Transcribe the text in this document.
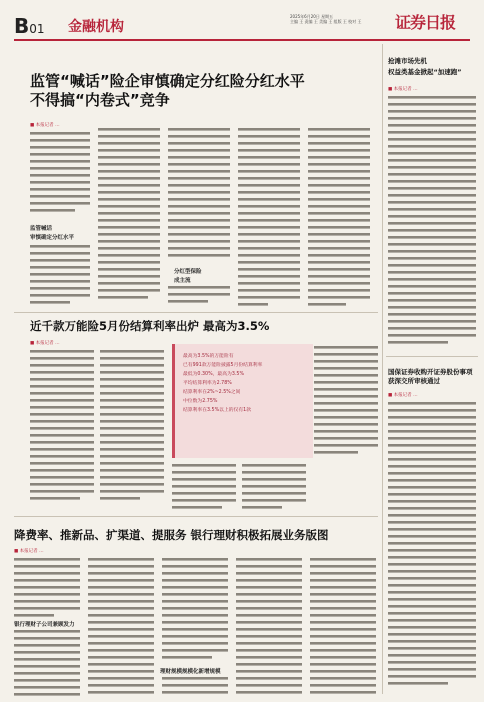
B01 金融机构
2025年6月20日 星期五
主编 王 责编 王 美编 王 组版 王 校对 王	证券日报
监管“喊话”险企审慎确定分红险分红水平
不得搞“内卷式”竞争
■ 本报记者 …
监管喊话
审慎确定分红水平
分红型保险
成主流
近千款万能险5月份结算利率出炉 最高为3.5%
■ 本报记者 …
最高为3.5%的万能险有
已有991款万能险披露5月份结算利率
最低为0.30%，最高为3.5%
平均结算利率为2.78%
结算利率在2%~2.5%之间
中位数为2.75%
结算利率在3.5%以上的仅有1款
降费率、推新品、扩渠道、提服务 银行理财积极拓展业务版图
■ 本报记者 …
银行理财子公司兼顾发力
理财规模规模化新增规模
抢滩市场先机
权益类基金掀起“加速跑”
■ 本报记者 …
国保证券收购开证券股份事项
获深交所审核通过
■ 本报记者 …
